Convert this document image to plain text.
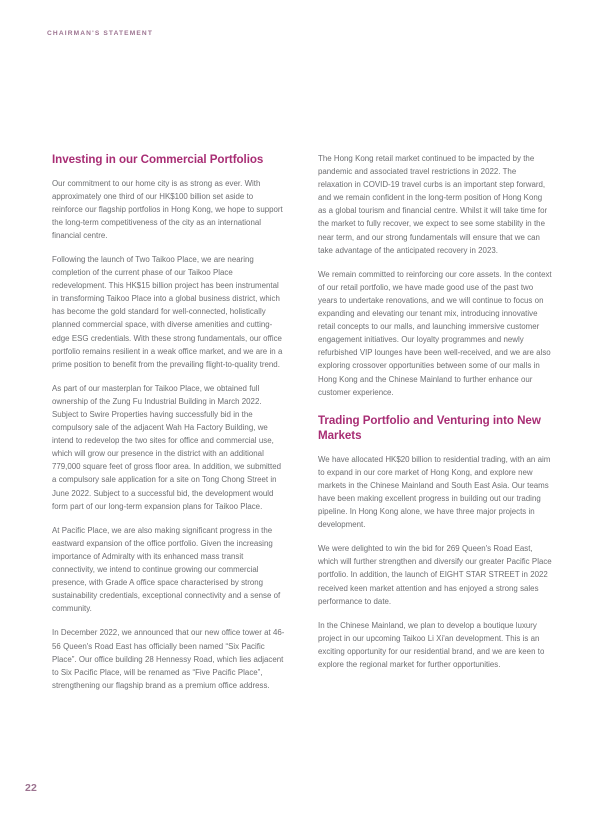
CHAIRMAN'S STATEMENT
Investing in our Commercial Portfolios

Our commitment to our home city is as strong as ever. With approximately one third of our HK$100 billion set aside to reinforce our flagship portfolios in Hong Kong, we hope to support the long-term competitiveness of the city as an international financial centre.

Following the launch of Two Taikoo Place, we are nearing completion of the current phase of our Taikoo Place redevelopment. This HK$15 billion project has been instrumental in transforming Taikoo Place into a global business district, which has become the gold standard for well-connected, holistically planned commercial space, with diverse amenities and cutting-edge ESG credentials. With these strong fundamentals, our office portfolio remains resilient in a weak office market, and we are in a prime position to benefit from the prevailing flight-to-quality trend.

As part of our masterplan for Taikoo Place, we obtained full ownership of the Zung Fu Industrial Building in March 2022. Subject to Swire Properties having successfully bid in the compulsory sale of the adjacent Wah Ha Factory Building, we intend to redevelop the two sites for office and commercial use, which will grow our presence in the district with an additional 779,000 square feet of gross floor area. In addition, we submitted a compulsory sale application for a site on Tong Chong Street in June 2022. Subject to a successful bid, the development would form part of our long-term expansion plans for Taikoo Place.

At Pacific Place, we are also making significant progress in the eastward expansion of the office portfolio. Given the increasing importance of Admiralty with its enhanced mass transit connectivity, we intend to continue growing our commercial presence, with Grade A office space characterised by strong sustainability credentials, exceptional connectivity and a sense of community.

In December 2022, we announced that our new office tower at 46-56 Queen's Road East has officially been named “Six Pacific Place”. Our office building 28 Hennessy Road, which lies adjacent to Six Pacific Place, will be renamed as “Five Pacific Place”, strengthening our flagship brand as a premium office address.

The Hong Kong retail market continued to be impacted by the pandemic and associated travel restrictions in 2022. The relaxation in COVID-19 travel curbs is an important step forward, and we remain confident in the long-term position of Hong Kong as a global tourism and financial centre. Whilst it will take time for the market to fully recover, we expect to see some stability in the near term, and our strong fundamentals will ensure that we can take advantage of the anticipated recovery in 2023.

We remain committed to reinforcing our core assets. In the context of our retail portfolio, we have made good use of the past two years to undertake renovations, and we will continue to focus on expanding and elevating our tenant mix, introducing innovative retail concepts to our malls, and launching immersive customer engagement initiatives. Our loyalty programmes and newly refurbished VIP lounges have been well-received, and we are also exploring crossover opportunities between some of our malls in Hong Kong and the Chinese Mainland to further enhance our customer experience.

Trading Portfolio and Venturing into New Markets

We have allocated HK$20 billion to residential trading, with an aim to expand in our core market of Hong Kong, and explore new markets in the Chinese Mainland and South East Asia. Our teams have been making excellent progress in building out our trading pipeline. In Hong Kong alone, we have three major projects in development.

We were delighted to win the bid for 269 Queen's Road East, which will further strengthen and diversify our greater Pacific Place portfolio. In addition, the launch of EIGHT STAR STREET in 2022 received keen market attention and has enjoyed a strong sales performance to date.

In the Chinese Mainland, we plan to develop a boutique luxury project in our upcoming Taikoo Li Xi'an development. This is an exciting opportunity for our residential brand, and we are keen to explore the regional market for further opportunities.

22
